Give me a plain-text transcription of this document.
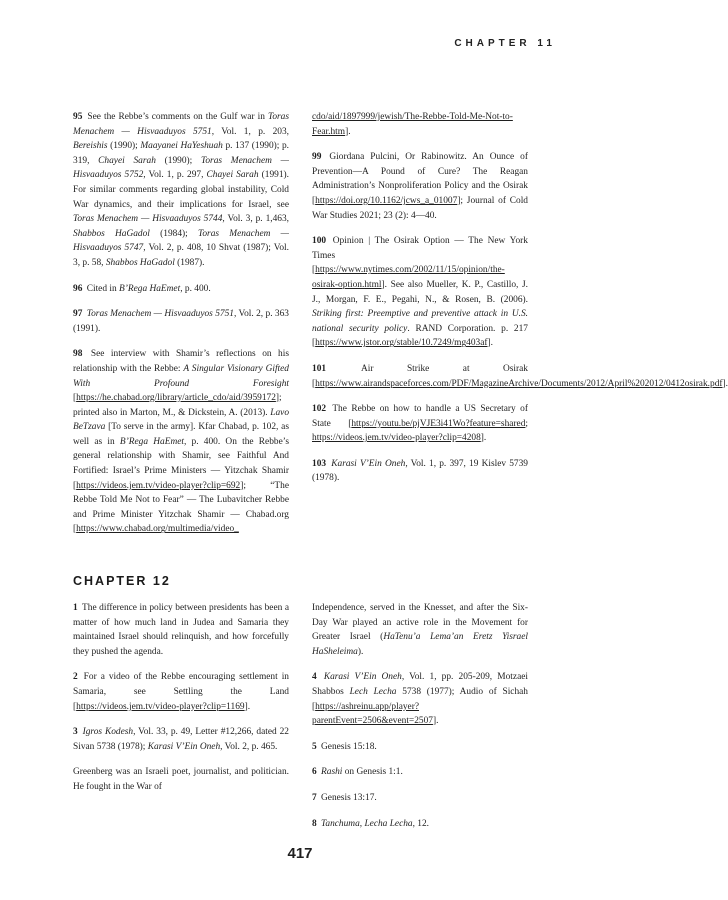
CHAPTER 11

95 See the Rebbe’s comments on the Gulf war in Toras Menachem — Hisvaaduyos 5751, Vol. 1, p. 203, Bereishis (1990); Maayanei HaYeshuah p. 137 (1990); p. 319, Chayei Sarah (1990); Toras Menachem — Hisvaaduyos 5752, Vol. 1, p. 297, Chayei Sarah (1991). For similar comments regarding global instability, Cold War dynamics, and their implications for Israel, see Toras Menachem — Hisvaaduyos 5744, Vol. 3, p. 1,463, Shabbos HaGadol (1984); Toras Menachem — Hisvaaduyos 5747, Vol. 2, p. 408, 10 Shvat (1987); Vol. 3, p. 58, Shabbos HaGadol (1987).

96 Cited in B’Rega HaEmet, p. 400.

97 Toras Menachem — Hisvaaduyos 5751, Vol. 2, p. 363 (1991).

98 See interview with Shamir’s reflections on his relationship with the Rebbe: A Singular Visionary Gifted With Profound Foresight [https://he.chabad.org/library/article_cdo/aid/3959172]; printed also in Marton, M., & Dickstein, A. (2013). Lavo BeTzava [To serve in the army]. Kfar Chabad, p. 102, as well as in B’Rega HaEmet, p. 400. On the Rebbe’s general relationship with Shamir, see Faithful And Fortified: Israel’s Prime Ministers — Yitzchak Shamir [https://videos.jem.tv/video-player?clip=692]; “The Rebbe Told Me Not to Fear” — The Lubavitcher Rebbe and Prime Minister Yitzchak Shamir — Chabad.org [https://www.chabad.org/multimedia/video_

cdo/aid/1897999/jewish/The-Rebbe-Told-Me-Not-to-Fear.htm].

99 Giordana Pulcini, Or Rabinowitz. An Ounce of Prevention—A Pound of Cure? The Reagan Administration’s Nonproliferation Policy and the Osirak [https://doi.org/10.1162/jcws_a_01007]; Journal of Cold War Studies 2021; 23 (2): 4—40.

100 Opinion | The Osirak Option — The New York Times [https://www.nytimes.com/2002/11/15/opinion/the-osirak-option.html]. See also Mueller, K. P., Castillo, J. J., Morgan, F. E., Pegahi, N., & Rosen, B. (2006). Striking first: Preemptive and preventive attack in U.S. national security policy. RAND Corporation. p. 217 [https://www.jstor.org/stable/10.7249/mg403af].

101 Air Strike at Osirak [https://www.airandspaceforces.com/PDF/MagazineArchive/Documents/2012/April%202012/0412osirak.pdf].

102 The Rebbe on how to handle a US Secretary of State [https://youtu.be/pjVJE3i41Wo?feature=shared; https://videos.jem.tv/video-player?clip=4208].

103 Karasi V’Ein Oneh, Vol. 1, p. 397, 19 Kislev 5739 (1978).

CHAPTER 12

1 The difference in policy between presidents has been a matter of how much land in Judea and Samaria they maintained Israel should relinquish, and how forcefully they pushed the agenda.

2 For a video of the Rebbe encouraging settlement in Samaria, see Settling the Land [https://videos.jem.tv/video-player?clip=1169].

3 Igros Kodesh, Vol. 33, p. 49, Letter #12,266, dated 22 Sivan 5738 (1978); Karasi V’Ein Oneh, Vol. 2, p. 465.

Greenberg was an Israeli poet, journalist, and politician. He fought in the War of

Independence, served in the Knesset, and after the Six-Day War played an active role in the Movement for Greater Israel (HaTenu’a Lema’an Eretz Yisrael HaSheleima).

4 Karasi V’Ein Oneh, Vol. 1, pp. 205-209, Motzaei Shabbos Lech Lecha 5738 (1977); Audio of Sichah [https://ashreinu.app/player?parentEvent=2506&event=2507].

5 Genesis 15:18.

6 Rashi on Genesis 1:1.

7 Genesis 13:17.

8 Tanchuma, Lecha Lecha, 12.

417
